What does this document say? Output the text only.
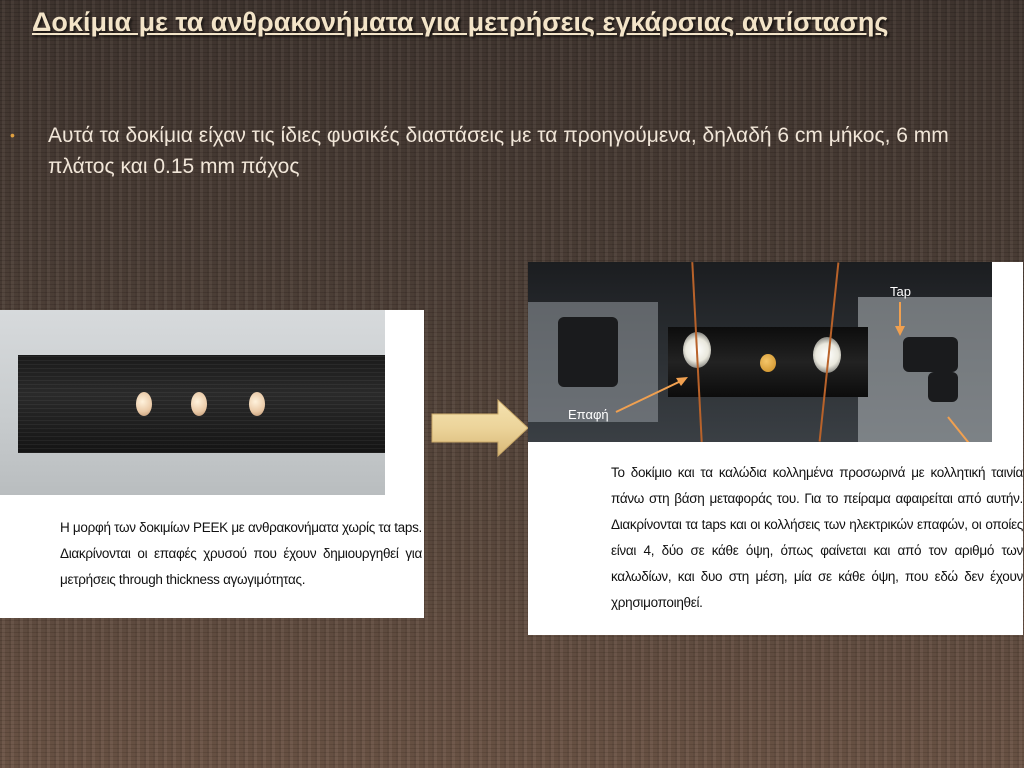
Δοκίμια με τα ανθρακονήματα για μετρήσεις εγκάρσιας αντίστασης
•	Αυτά τα δοκίμια είχαν τις ίδιες φυσικές διαστάσεις με τα προηγούμενα, δηλαδή 6 cm μήκος, 6 mm πλάτος και 0.15 mm πάχος
Η μορφή των δοκιμίων PEEK με ανθρακονήματα χωρίς τα taps. Διακρίνονται οι επαφές χρυσού που έχουν δημιουργηθεί για μετρήσεις through thickness αγωγιμότητας.
Tap
Επαφή
Το δοκίμιο και τα καλώδια κολλημένα προσωρινά με κολλητική ταινία πάνω στη βάση μεταφοράς του. Για το πείραμα αφαιρείται από αυτήν. Διακρίνονται τα taps και οι κολλήσεις των ηλεκτρικών επαφών, οι οποίες είναι 4, δύο σε κάθε όψη, όπως φαίνεται και από τον αριθμό των καλωδίων, και δυο στη μέση, μία σε κάθε όψη, που εδώ δεν έχουν χρησιμοποιηθεί.
